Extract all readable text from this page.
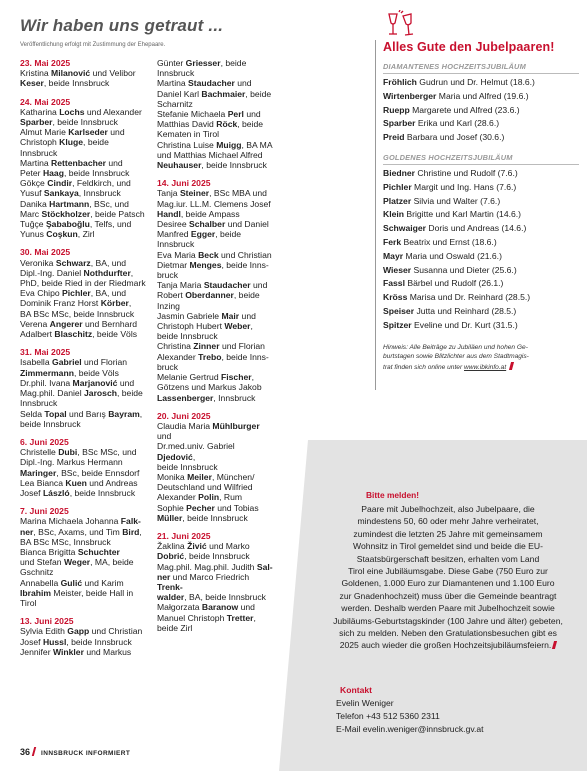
Wir haben uns getraut ...
Veröffentlichung erfolgt mit Zustimmung der Ehepaare.
23. Mai 2025
Kristina Milanović und Velibor
Keser, beide Innsbruck
24. Mai 2025
Katharina Lochs und Alexander
Sparber, beide Innsbruck
Almut Marie Karlseder und
Christoph Kluge, beide
Innsbruck
Martina Rettenbacher und
Peter Haag, beide Innsbruck
Gökçe Cindir, Feldkirch, und
Yusuf Sankaya, Innsbruck
Danika Hartmann, BSc, und
Marc Stöckholzer, beide Patsch
Tuğçe Şababoğlu, Telfs, und
Yunus Coşkun, Zirl
30. Mai 2025
Veronika Schwarz, BA, und
Dipl.-Ing. Daniel Nothdurfter,
PhD, beide Ried in der Riedmark
Eva Chipo Pichler, BA, und
Dominik Franz Horst Körber,
BA BSc MSc, beide Innsbruck
Verena Angerer und Bernhard
Adalbert Blaschitz, beide Völs
31. Mai 2025
Isabella Gabriel und Florian
Zimmermann, beide Völs
Dr.phil. Ivana Marjanović und
Mag.phil. Daniel Jarosch, beide
Innsbruck
Selda Topal und Barış Bayram,
beide Innsbruck
6. Juni 2025
Christelle Dubi, BSc MSc, und
Dipl.-Ing. Markus Hermann
Maringer, BSc, beide Ennsdorf
Lea Bianca Kuen und Andreas
Josef László, beide Innsbruck
7. Juni 2025
Marina Michaela Johanna Falk-
ner, BSc, Axams, und Tim Bird,
BA BSc MSc, Innsbruck
Bianca Brigitta Schuchter
und Stefan Weger, MA, beide
Gschnitz
Annabella Gulić und Karim
Ibrahim Meister, beide Hall in
Tirol
13. Juni 2025
Sylvia Edith Gapp und Christian
Josef Hussl, beide Innsbruck
Jennifer Winkler und Markus
Günter Griesser, beide
Innsbruck
Martina Staudacher und
Daniel Karl Bachmaier, beide
Scharnitz
Stefanie Michaela Perl und
Matthias David Röck, beide
Kematen in Tirol
Christina Luise Muigg, BA MA
und Matthias Michael Alfred
Neuhauser, beide Innsbruck
14. Juni 2025
Tanja Steiner, BSc MBA und
Mag.iur. LL.M. Clemens Josef
Handl, beide Ampass
Desiree Schalber und Daniel
Manfred Egger, beide Innsbruck
Eva Maria Beck und Christian
Dietmar Menges, beide Inns-
bruck
Tanja Maria Staudacher und
Robert Oberdanner, beide
Inzing
Jasmin Gabriele Mair und
Christoph Hubert Weber,
beide Innsbruck
Christina Zinner und Florian
Alexander Trebo, beide Inns-
bruck
Melanie Gertrud Fischer,
Götzens und Markus Jakob
Lassenberger, Innsbruck
20. Juni 2025
Claudia Maria Mühlburger und
Dr.med.univ. Gabriel Djedović,
beide Innsbruck
Monika Meiler, München/
Deutschland und Wilfried
Alexander Polin, Rum
Sophie Pecher und Tobias
Müller, beide Innsbruck
21. Juni 2025
Žaklina Živić und Marko
Dobrić, beide Innsbruck
Mag.phil. Mag.phil. Judith Sal-
ner und Marco Friedrich Trenk-
walder, BA, beide Innsbruck
Małgorzata Baranow und
Manuel Christoph Tretter,
beide Zirl
Alles Gute den Jubelpaaren!
DIAMANTENES HOCHZEITSJUBILÄUM
Fröhlich Gudrun und Dr. Helmut (18.6.)
Wirtenberger Maria und Alfred (19.6.)
Ruepp Margarete und Alfred (23.6.)
Sparber Erika und Karl (28.6.)
Preid Barbara und Josef (30.6.)
GOLDENES HOCHZEITSJUBILÄUM
Biedner Christine und Rudolf (7.6.)
Pichler Margit und Ing. Hans (7.6.)
Platzer Silvia und Walter (7.6.)
Klein Brigitte und Karl Martin (14.6.)
Schwaiger Doris und Andreas (14.6.)
Ferk Beatrix und Ernst (18.6.)
Mayr Maria und Oswald (21.6.)
Wieser Susanna und Dieter (25.6.)
Fassl Bärbel und Rudolf (26.1.)
Kröss Marisa und Dr. Reinhard (28.5.)
Speiser Jutta und Reinhard (28.5.)
Spitzer Eveline und Dr. Kurt (31.5.)
Hinweis: Alle Beiträge zu Jubiläen und hohen Ge-
burtstagen sowie Blitzlichter aus dem Stadtmagis-
trat finden sich online unter www.ibkinfo.at
Bitte melden!
Paare mit Jubelhochzeit, also Jubelpaare, die
mindestens 50, 60 oder mehr Jahre verheiratet,
zumindest die letzten 25 Jahre mit gemeinsamem
Wohnsitz in Tirol gemeldet sind und beide die EU-
Staatsbürgerschaft besitzen, erhalten vom Land
Tirol eine Jubiläumsgabe. Diese Gabe (750 Euro zur
Goldenen, 1.000 Euro zur Diamantenen und 1.100 Euro
zur Gnadenhochzeit) muss über die Gemeinde beantragt
werden. Deshalb werden Paare mit Jubelhochzeit sowie
Jubiläums-Geburtstagskinder (100 Jahre und älter) gebeten,
sich zu melden. Neben den Gratulationsbesuchen gibt es
2025 auch wieder die großen Hochzeitsjubiläumsfeiern.
Kontakt
Evelin Weniger
Telefon +43 512 5360 2311
E-Mail evelin.weniger@innsbruck.gv.at
36 INNSBRUCK INFORMIERT
